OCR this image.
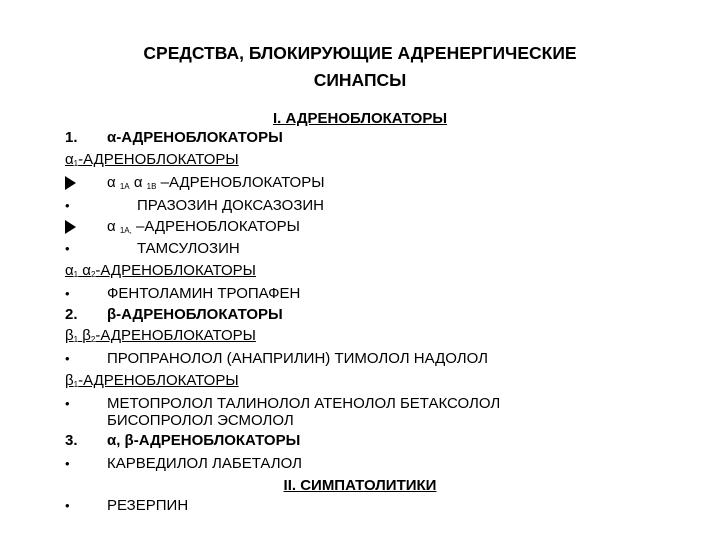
СРЕДСТВА, БЛОКИРУЮЩИЕ АДРЕНЕРГИЧЕСКИЕ
СИНАПСЫ
I. АДРЕНОБЛОКАТОРЫ
1. α-АДРЕНОБЛОКАТОРЫ
$\alpha_1$-АДРЕНОБЛОКАТОРЫ
α $_{1A}$ α $_{1B}$ –АДРЕНОБЛОКАТОРЫ
•	ПРАЗОЗИН ДОКСАЗОЗИН
α $_{1A,}$ –АДРЕНОБЛОКАТОРЫ
•	ТАМСУЛОЗИН
$\alpha_1$ $\alpha_2$-АДРЕНОБЛОКАТОРЫ
• ФЕНТОЛАМИН ТРОПАФЕН
2. β-АДРЕНОБЛОКАТОРЫ
$\beta_1$ $\beta_2$-АДРЕНОБЛОКАТОРЫ
• ПРОПРАНОЛОЛ (АНАПРИЛИН) ТИМОЛОЛ НАДОЛОЛ
$\beta_1$-АДРЕНОБЛОКАТОРЫ
• МЕТОПРОЛОЛ ТАЛИНОЛОЛ АТЕНОЛОЛ БЕТАКСОЛОЛ
БИСОПРОЛОЛ ЭСМОЛОЛ
3. α, β-АДРЕНОБЛОКАТОРЫ
• КАРВЕДИЛОЛ ЛАБЕТАЛОЛ
II. СИМПАТОЛИТИКИ
• РЕЗЕРПИН
